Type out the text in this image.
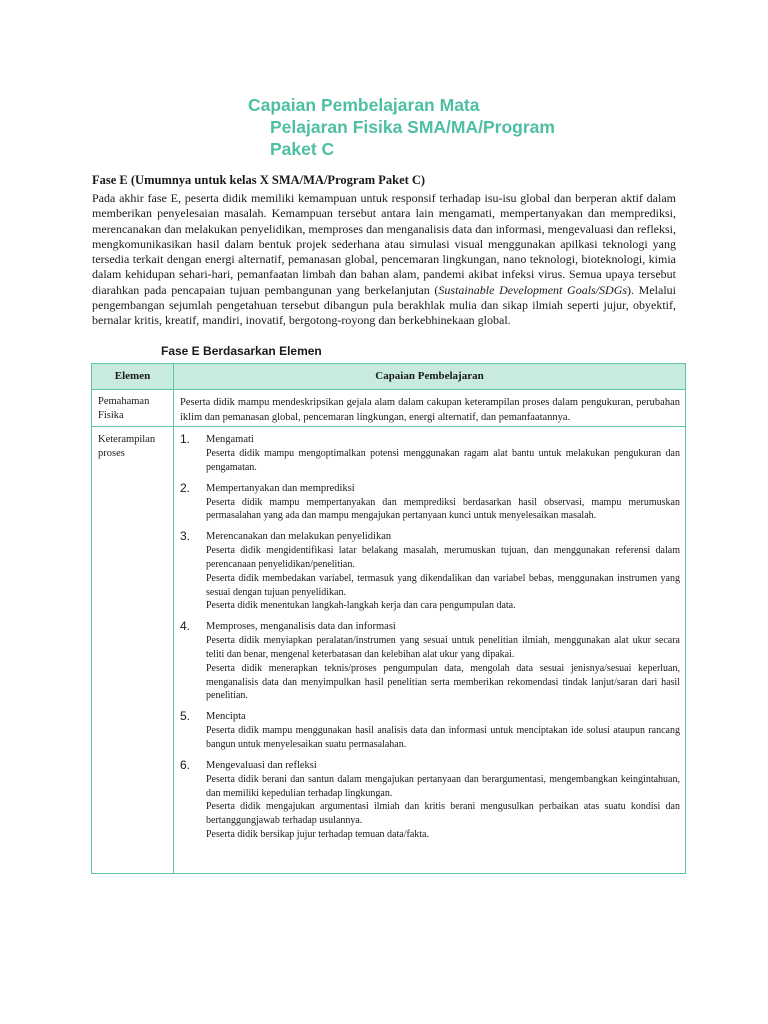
Capaian Pembelajaran Mata
Pelajaran Fisika SMA/MA/Program
Paket C
Fase E (Umumnya untuk kelas X SMA/MA/Program Paket C)

Pada akhir fase E, peserta didik memiliki kemampuan untuk responsif terhadap isu-isu global dan berperan aktif dalam memberikan penyelesaian masalah. Kemampuan tersebut antara lain mengamati, mempertanyakan dan memprediksi, merencanakan dan melakukan penyelidikan, memproses dan menganalisis data dan informasi, mengevaluasi dan refleksi, mengkomunikasikan hasil dalam bentuk projek sederhana atau simulasi visual menggunakan apilkasi teknologi yang tersedia terkait dengan energi alternatif, pemanasan global, pencemaran lingkungan, nano teknologi, bioteknologi, kimia dalam kehidupan sehari-hari, pemanfaatan limbah dan bahan alam, pandemi akibat infeksi virus. Semua upaya tersebut diarahkan pada pencapaian tujuan pembangunan yang berkelanjutan (Sustainable Development Goals/SDGs). Melalui pengembangan sejumlah pengetahuan tersebut dibangun pula berakhlak mulia dan sikap ilmiah seperti jujur, obyektif, bernalar kritis, kreatif, mandiri, inovatif, bergotong-royong dan berkebhinekaan global.

Fase E Berdasarkan Elemen
Elemen	Capaian Pembelajaran
Pemahaman Fisika
Peserta didik mampu mendeskripsikan gejala alam dalam cakupan keterampilan proses dalam pengukuran, perubahan iklim dan pemanasan global, pencemaran lingkungan, energi alternatif, dan pemanfaatannya.
Keterampilan proses
1. Mengamati
Peserta didik mampu mengoptimalkan potensi menggunakan ragam alat bantu untuk melakukan pengukuran dan pengamatan.
2. Mempertanyakan dan memprediksi
Peserta didik mampu mempertanyakan dan memprediksi berdasarkan hasil observasi, mampu merumuskan permasalahan yang ada dan mampu mengajukan pertanyaan kunci untuk menyelesaikan masalah.
3. Merencanakan dan melakukan penyelidikan
Peserta didik mengidentifikasi latar belakang masalah, merumuskan tujuan, dan menggunakan referensi dalam perencanaan penyelidikan/penelitian.
Peserta didik membedakan variabel, termasuk yang dikendalikan dan variabel bebas, menggunakan instrumen yang sesuai dengan tujuan penyelidikan.
Peserta didik menentukan langkah-langkah kerja dan cara pengumpulan data.
4. Memproses, menganalisis data dan informasi
Peserta didik menyiapkan peralatan/instrumen yang sesuai untuk penelitian ilmiah, menggunakan alat ukur secara teliti dan benar, mengenal keterbatasan dan kelebihan alat ukur yang dipakai.
Peserta didik menerapkan teknis/proses pengumpulan data, mengolah data sesuai jenisnya/sesuai keperluan, menganalisis data dan menyimpulkan hasil penelitian serta memberikan rekomendasi tindak lanjut/saran dari hasil penelitian.
5. Mencipta
Peserta didik mampu menggunakan hasil analisis data dan informasi untuk menciptakan ide solusi ataupun rancang bangun untuk menyelesaikan suatu permasalahan.
6. Mengevaluasi dan refleksi
Peserta didik berani dan santun dalam mengajukan pertanyaan dan berargumentasi, mengembangkan keingintahuan, dan memiliki kepedulian terhadap lingkungan.
Peserta didik mengajukan argumentasi ilmiah dan kritis berani mengusulkan perbaikan atas suatu kondisi dan bertanggungjawab terhadap usulannya.
Peserta didik bersikap jujur terhadap temuan data/fakta.
